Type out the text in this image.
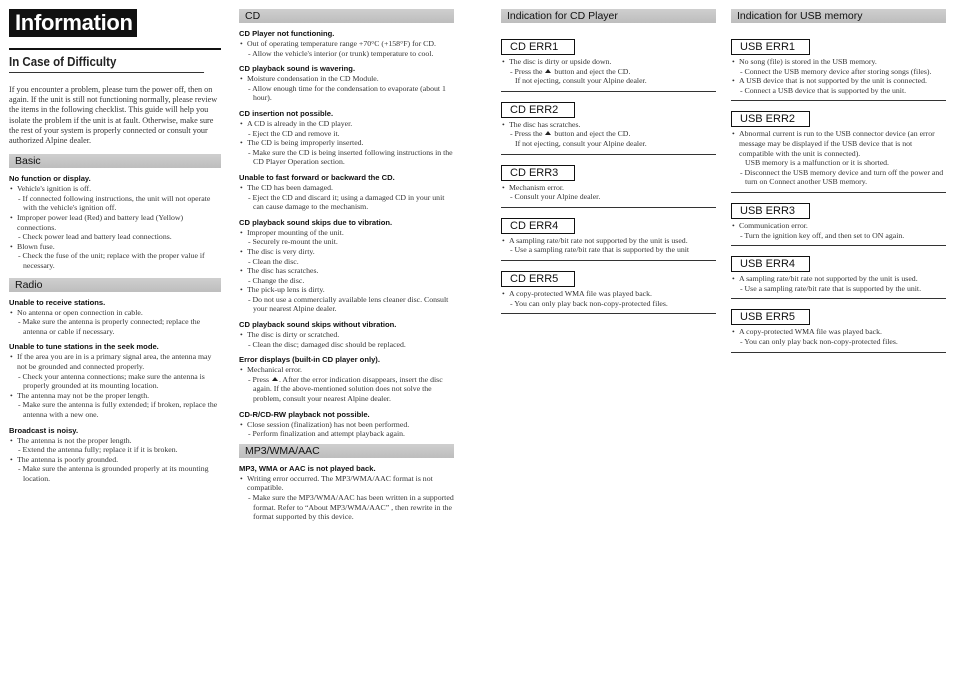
Information
In Case of Difficulty
If you encounter a problem, please turn the power off, then on again. If the unit is still not functioning normally, please review the items in the following checklist. This guide will help you isolate the problem if the unit is at fault. Otherwise, make sure the rest of your system is properly connected or consult your authorized Alpine dealer.
Basic
No function or display.
• Vehicle's ignition is off.
- If connected following instructions, the unit will not operate with the vehicle's ignition off.
• Improper power lead (Red) and battery lead (Yellow) connections.
- Check power lead and battery lead connections.
• Blown fuse.
- Check the fuse of the unit; replace with the proper value if necessary.
Radio
Unable to receive stations.
• No antenna or open connection in cable.
- Make sure the antenna is properly connected; replace the antenna or cable if necessary.
Unable to tune stations in the seek mode.
• If the area you are in is a primary signal area, the antenna may not be grounded and connected properly.
- Check your antenna connections; make sure the antenna is properly grounded at its mounting location.
• The antenna may not be the proper length.
- Make sure the antenna is fully extended; if broken, replace the antenna with a new one.
Broadcast is noisy.
• The antenna is not the proper length.
- Extend the antenna fully; replace it if it is broken.
• The antenna is poorly grounded.
- Make sure the antenna is grounded properly at its mounting location.
CD
CD Player not functioning.
• Out of operating temperature range +70°C (+158°F) for CD.
- Allow the vehicle's interior (or trunk) temperature to cool.
CD playback sound is wavering.
• Moisture condensation in the CD Module.
- Allow enough time for the condensation to evaporate (about 1 hour).
CD insertion not possible.
• A CD is already in the CD player.
- Eject the CD and remove it.
• The CD is being improperly inserted.
- Make sure the CD is being inserted following instructions in the CD Player Operation section.
Unable to fast forward or backward the CD.
• The CD has been damaged.
- Eject the CD and discard it; using a damaged CD in your unit can cause damage to the mechanism.
CD playback sound skips due to vibration.
• Improper mounting of the unit.
- Securely re-mount the unit.
• The disc is very dirty.
- Clean the disc.
• The disc has scratches.
- Change the disc.
• The pick-up lens is dirty.
- Do not use a commercially available lens cleaner disc. Consult your nearest Alpine dealer.
CD playback sound skips without vibration.
• The disc is dirty or scratched.
- Clean the disc; damaged disc should be replaced.
Error displays (built-in CD player only).
• Mechanical error.
- Press . After the error indication disappears, insert the disc again. If the above-mentioned solution does not solve the problem, consult your nearest Alpine dealer.
CD-R/CD-RW playback not possible.
• Close session (finalization) has not been performed.
- Perform finalization and attempt playback again.
MP3/WMA/AAC
MP3, WMA or AAC is not played back.
• Writing error occurred. The MP3/WMA/AAC format is not compatible.
- Make sure the MP3/WMA/AAC has been written in a supported format. Refer to “About MP3/WMA/AAC” , then rewrite in the format supported by this device.
Indication for CD Player
CD ERR1
• The disc is dirty or upside down.
- Press the  button and eject the CD.
If not ejecting, consult your Alpine dealer.
CD ERR2
• The disc has scratches.
- Press the  button and eject the CD.
If not ejecting, consult your Alpine dealer.
CD ERR3
• Mechanism error.
- Consult your Alpine dealer.
CD ERR4
• A sampling rate/bit rate not supported by the unit is used.
- Use a sampling rate/bit rate that is supported by the unit
CD ERR5
• A copy-protected WMA file was played back.
- You can only play back non-copy-protected files.
Indication for USB memory
USB ERR1
• No song (file) is stored in the USB memory.
- Connect the USB memory device after storing songs (files).
• A USB device that is not supported by the unit is connected.
- Connect a USB device that is supported by the unit.
USB ERR2
• Abnormal current is run to the USB connector device (an error message may be displayed if the USB device that is not compatible with the unit is connected).
USB memory is a malfunction or it is shorted.
- Disconnect the USB memory device and turn off the power and turn on Connect another USB memory.
USB ERR3
• Communication error.
- Turn the ignition key off, and then set to ON again.
USB ERR4
• A sampling rate/bit rate not supported by the unit is used.
- Use a sampling rate/bit rate that is supported by the unit.
USB ERR5
• A copy-protected WMA file was played back.
- You can only play back non-copy-protected files.
